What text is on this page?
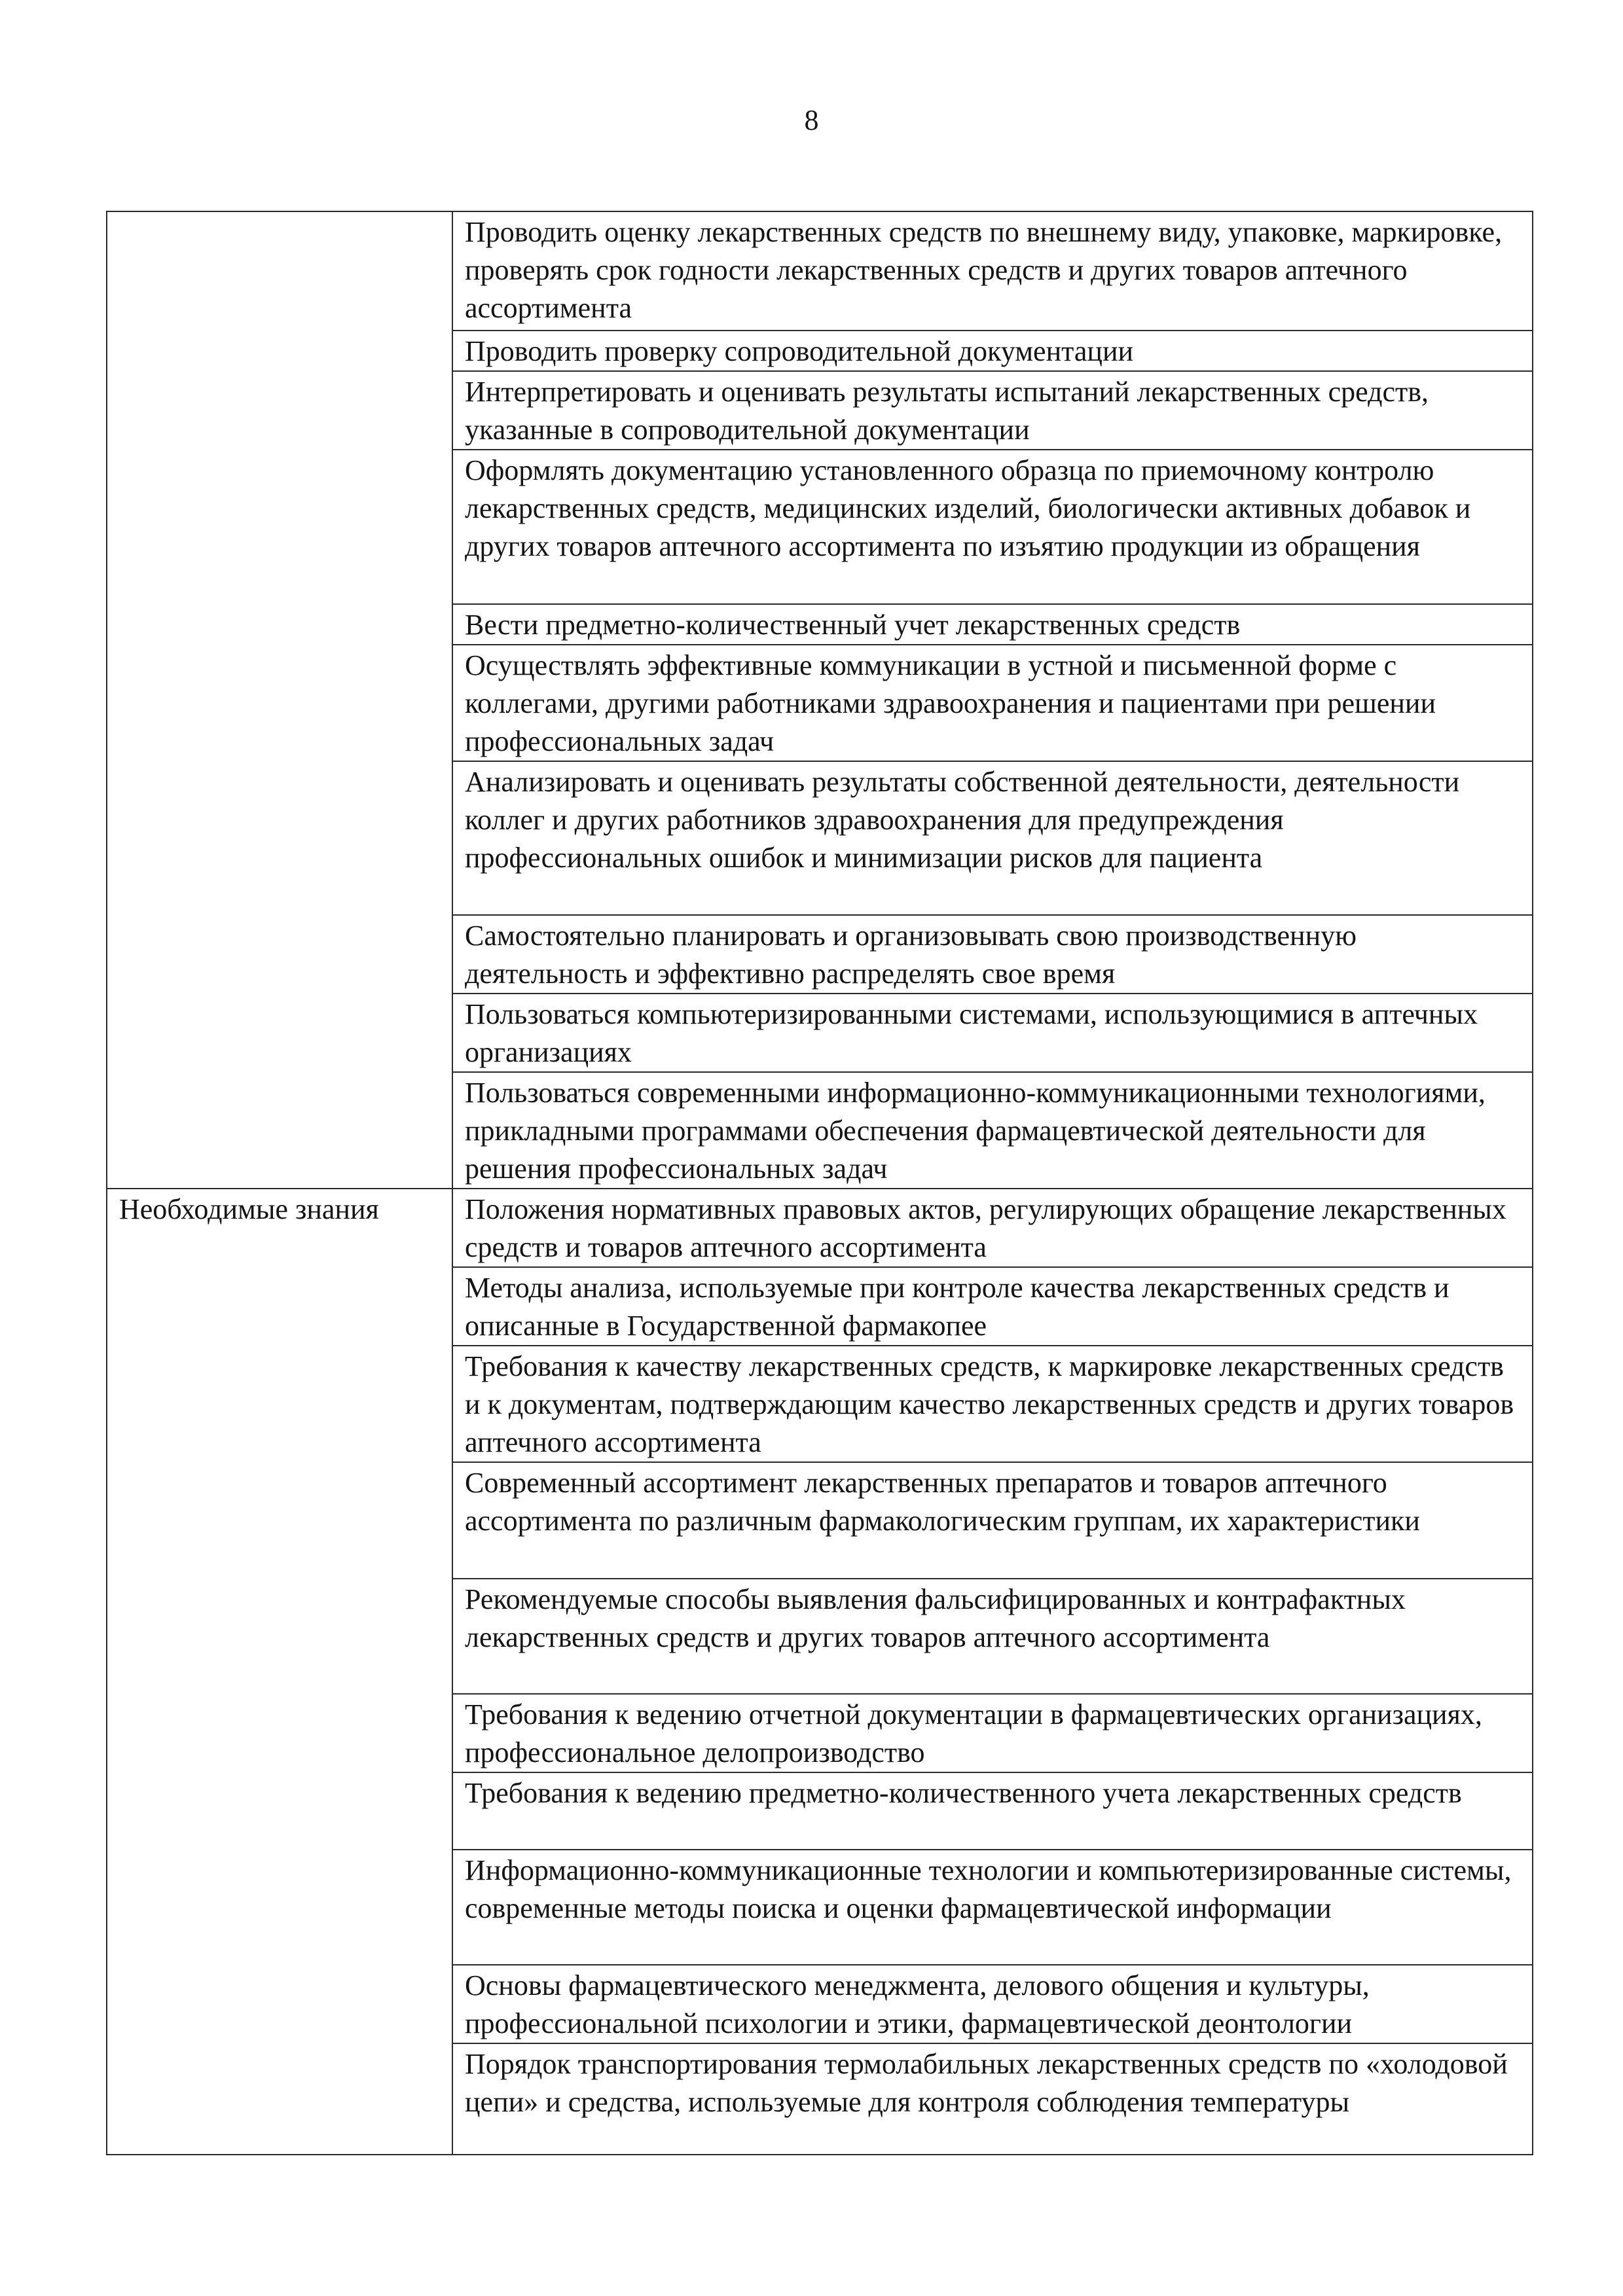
8
	Проводить оценку лекарственных средств по внешнему виду, упаковке, маркировке, проверять срок годности лекарственных средств и других товаров аптечного ассортимента
	Проводить проверку сопроводительной документации
	Интерпретировать и оценивать результаты испытаний лекарственных средств, указанные в сопроводительной документации
	Оформлять документацию установленного образца по приемочному контролю лекарственных средств, медицинских изделий, биологически активных добавок и других товаров аптечного ассортимента по изъятию продукции из обращения
	Вести предметно-количественный учет лекарственных средств
	Осуществлять эффективные коммуникации в устной и письменной форме с коллегами, другими работниками здравоохранения и пациентами при решении профессиональных задач
	Анализировать и оценивать результаты собственной деятельности, деятельности коллег и других работников здравоохранения для предупреждения профессиональных ошибок и минимизации рисков для пациента
	Самостоятельно планировать и организовывать свою производственную деятельность и эффективно распределять свое время
	Пользоваться компьютеризированными системами, использующимися в аптечных организациях
	Пользоваться современными информационно-коммуникационными технологиями, прикладными программами обеспечения фармацевтической деятельности для решения профессиональных задач
Необходимые знания	Положения нормативных правовых актов, регулирующих обращение лекарственных средств и товаров аптечного ассортимента
	Методы анализа, используемые при контроле качества лекарственных средств и описанные в Государственной фармакопее
	Требования к качеству лекарственных средств, к маркировке лекарственных средств и к документам, подтверждающим качество лекарственных средств и других товаров аптечного ассортимента
	Современный ассортимент лекарственных препаратов и товаров аптечного ассортимента по различным фармакологическим группам, их характеристики
	Рекомендуемые способы выявления фальсифицированных и контрафактных лекарственных средств и других товаров аптечного ассортимента
	Требования к ведению отчетной документации в фармацевтических организациях, профессиональное делопроизводство
	Требования к ведению предметно-количественного учета лекарственных средств
	Информационно-коммуникационные технологии и компьютеризированные системы, современные методы поиска и оценки фармацевтической информации
	Основы фармацевтического менеджмента, делового общения и культуры, профессиональной психологии и этики, фармацевтической деонтологии
	Порядок транспортирования термолабильных лекарственных средств по «холодовой цепи» и средства, используемые для контроля соблюдения температуры
